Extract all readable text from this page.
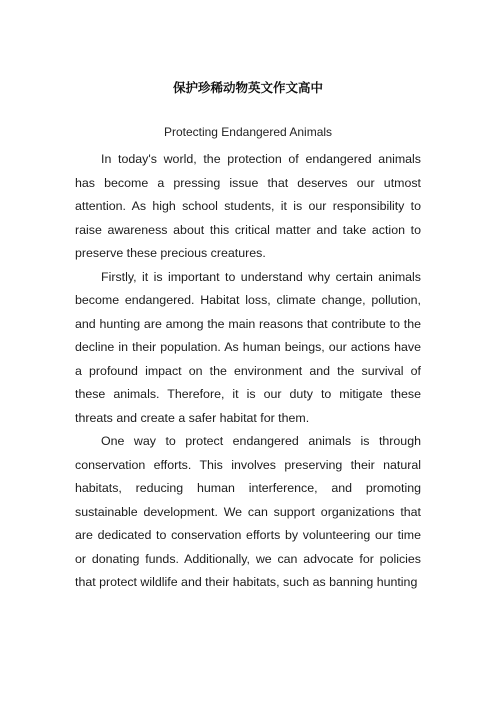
保护珍稀动物英文作文高中
Protecting Endangered Animals

In today's world, the protection of endangered animals has become a pressing issue that deserves our utmost attention. As high school students, it is our responsibility to raise awareness about this critical matter and take action to preserve these precious creatures.

Firstly, it is important to understand why certain animals become endangered. Habitat loss, climate change, pollution, and hunting are among the main reasons that contribute to the decline in their population. As human beings, our actions have a profound impact on the environment and the survival of these animals. Therefore, it is our duty to mitigate these threats and create a safer habitat for them.

One way to protect endangered animals is through conservation efforts. This involves preserving their natural habitats, reducing human interference, and promoting sustainable development. We can support organizations that are dedicated to conservation efforts by volunteering our time or donating funds. Additionally, we can advocate for policies that protect wildlife and their habitats, such as banning hunting
